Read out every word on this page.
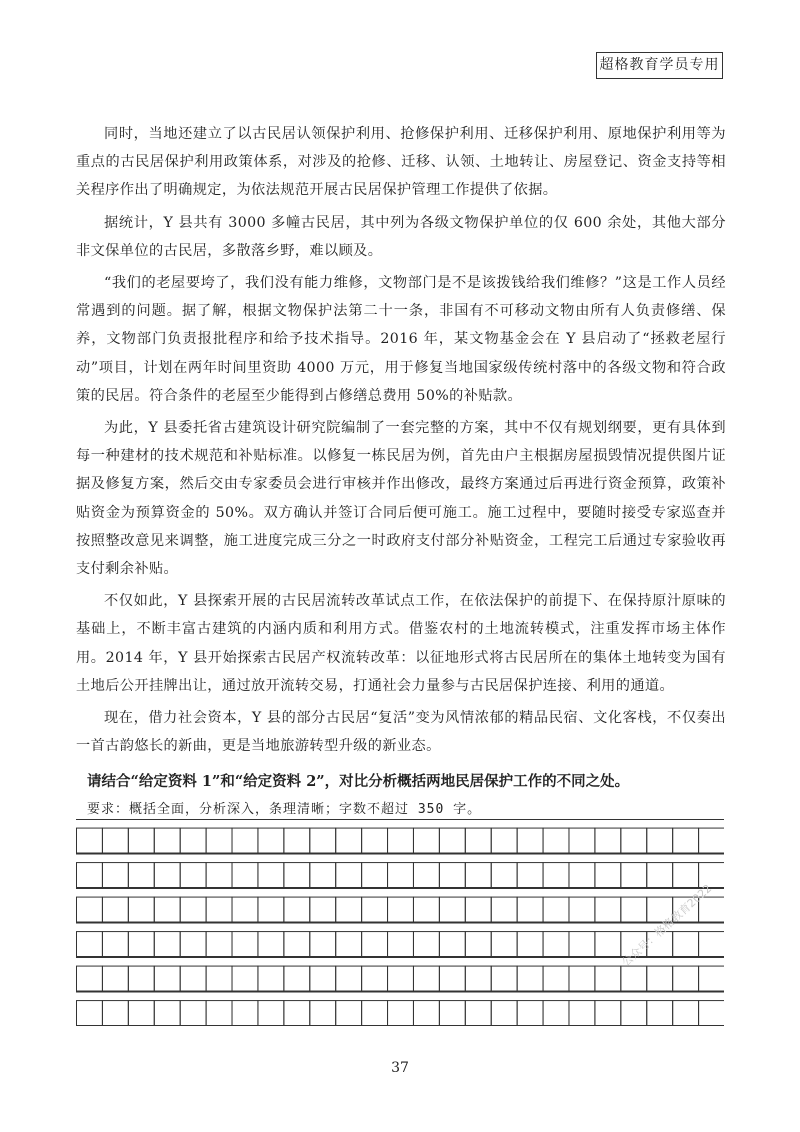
超格教育学员专用

同时，当地还建立了以古民居认领保护利用、抢修保护利用、迁移保护利用、原地保护利用等为重点的古民居保护利用政策体系，对涉及的抢修、迁移、认领、土地转让、房屋登记、资金支持等相关程序作出了明确规定，为依法规范开展古民居保护管理工作提供了依据。

据统计，Y 县共有 3000 多幢古民居，其中列为各级文物保护单位的仅 600 余处，其他大部分非文保单位的古民居，多散落乡野，难以顾及。

“我们的老屋要垮了，我们没有能力维修，文物部门是不是该拨钱给我们维修？”这是工作人员经常遇到的问题。据了解，根据文物保护法第二十一条，非国有不可移动文物由所有人负责修缮、保养，文物部门负责报批程序和给予技术指导。2016 年，某文物基金会在 Y 县启动了“拯救老屋行动”项目，计划在两年时间里资助 4000 万元，用于修复当地国家级传统村落中的各级文物和符合政策的民居。符合条件的老屋至少能得到占修缮总费用 50%的补贴款。

为此，Y 县委托省古建筑设计研究院编制了一套完整的方案，其中不仅有规划纲要，更有具体到每一种建材的技术规范和补贴标准。以修复一栋民居为例，首先由户主根据房屋损毁情况提供图片证据及修复方案，然后交由专家委员会进行审核并作出修改，最终方案通过后再进行资金预算，政策补贴资金为预算资金的 50%。双方确认并签订合同后便可施工。施工过程中，要随时接受专家巡查并按照整改意见来调整，施工进度完成三分之一时政府支付部分补贴资金，工程完工后通过专家验收再支付剩余补贴。

不仅如此，Y 县探索开展的古民居流转改革试点工作，在依法保护的前提下、在保持原汁原味的基础上，不断丰富古建筑的内涵内质和利用方式。借鉴农村的土地流转模式，注重发挥市场主体作用。2014 年，Y 县开始探索古民居产权流转改革：以征地形式将古民居所在的集体土地转变为国有土地后公开挂牌出让，通过放开流转交易，打通社会力量参与古民居保护连接、利用的通道。

现在，借力社会资本，Y 县的部分古民居“复活”变为风情浓郁的精品民宿、文化客栈，不仅奏出一首古韵悠长的新曲，更是当地旅游转型升级的新业态。

请结合“给定资料 1”和“给定资料 2”，对比分析概括两地民居保护工作的不同之处。

要求：概括全面，分析深入，条理清晰；字数不超过 350 字。

公众号：格格教育2022
37
